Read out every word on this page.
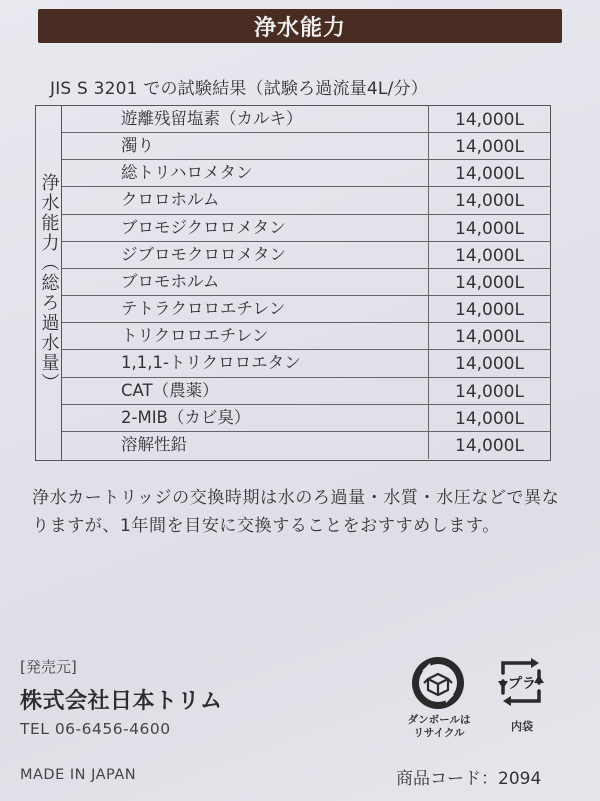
浄水能力
JIS S 3201 での試験結果（試験ろ過流量4L/分）
浄水能力（総ろ過水量）
遊離残留塩素（カルキ）	14,000L
濁り	14,000L
総トリハロメタン	14,000L
クロロホルム	14,000L
ブロモジクロロメタン	14,000L
ジブロモクロロメタン	14,000L
ブロモホルム	14,000L
テトラクロロエチレン	14,000L
トリクロロエチレン	14,000L
1,1,1-トリクロロエタン	14,000L
CAT（農薬）	14,000L
2-MIB（カビ臭）	14,000L
溶解性鉛	14,000L
浄水カートリッジの交換時期は水のろ過量・水質・水圧などで異なりますが、1年間を目安に交換することをおすすめします。
[発売元]
株式会社日本トリム
TEL 06-6456-4600
MADE IN JAPAN	商品コード：2094
プラ
ダンボールは
リサイクル	内袋
